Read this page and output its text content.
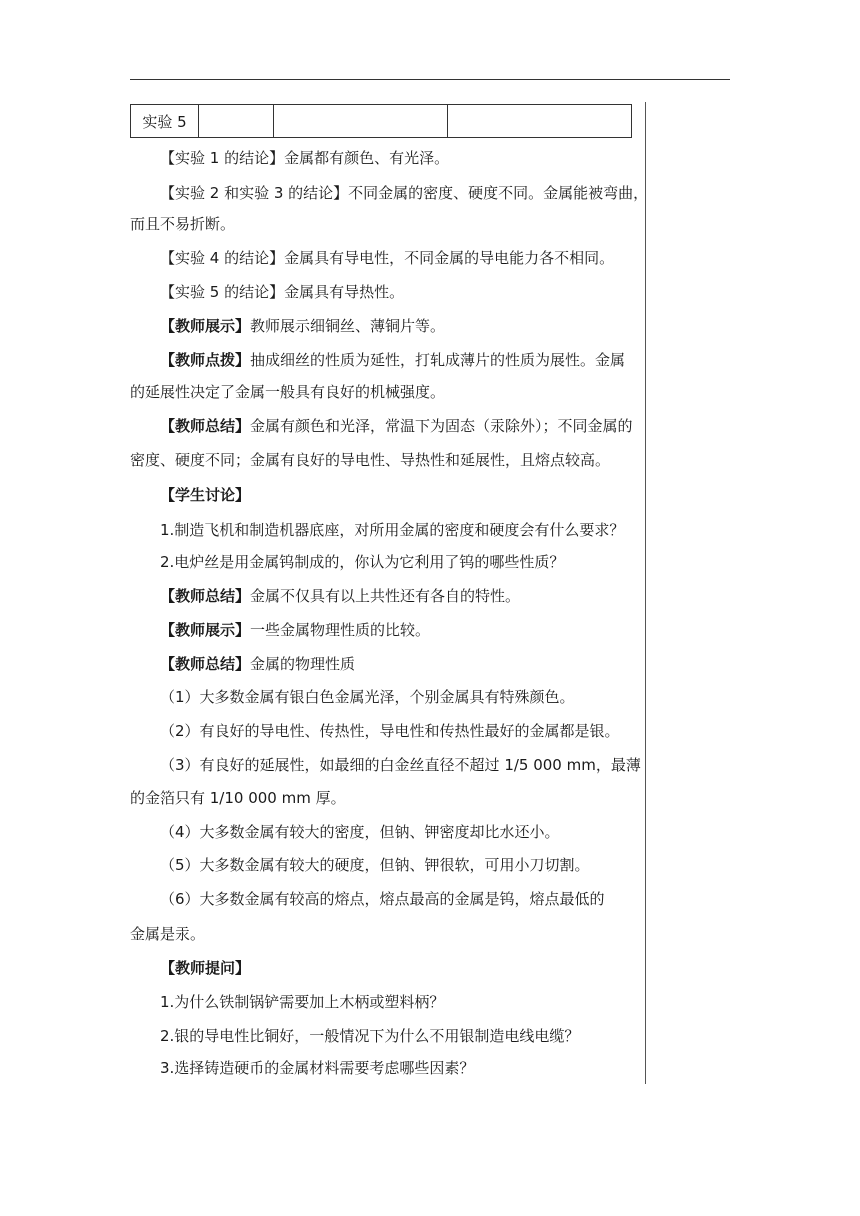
实验 5			
【实验 1 的结论】金属都有颜色、有光泽。
【实验 2 和实验 3 的结论】不同金属的密度、硬度不同。金属能被弯曲，
而且不易折断。
【实验 4 的结论】金属具有导电性，不同金属的导电能力各不相同。
【实验 5 的结论】金属具有导热性。
【教师展示】教师展示细铜丝、薄铜片等。
【教师点拨】抽成细丝的性质为延性，打轧成薄片的性质为展性。金属
的延展性决定了金属一般具有良好的机械强度。
【教师总结】金属有颜色和光泽，常温下为固态（汞除外）；不同金属的
密度、硬度不同；金属有良好的导电性、导热性和延展性，且熔点较高。
【学生讨论】
1.制造飞机和制造机器底座，对所用金属的密度和硬度会有什么要求？
2.电炉丝是用金属钨制成的，你认为它利用了钨的哪些性质？
【教师总结】金属不仅具有以上共性还有各自的特性。
【教师展示】一些金属物理性质的比较。
【教师总结】金属的物理性质
（1）大多数金属有银白色金属光泽，个别金属具有特殊颜色。
（2）有良好的导电性、传热性，导电性和传热性最好的金属都是银。
（3）有良好的延展性，如最细的白金丝直径不超过 1/5 000 mm，最薄
的金箔只有 1/10 000 mm 厚。
（4）大多数金属有较大的密度，但钠、钾密度却比水还小。
（5）大多数金属有较大的硬度，但钠、钾很软，可用小刀切割。
（6）大多数金属有较高的熔点，熔点最高的金属是钨，熔点最低的
金属是汞。
【教师提问】
1.为什么铁制锅铲需要加上木柄或塑料柄？
2.银的导电性比铜好，一般情况下为什么不用银制造电线电缆？
3.选择铸造硬币的金属材料需要考虑哪些因素？
